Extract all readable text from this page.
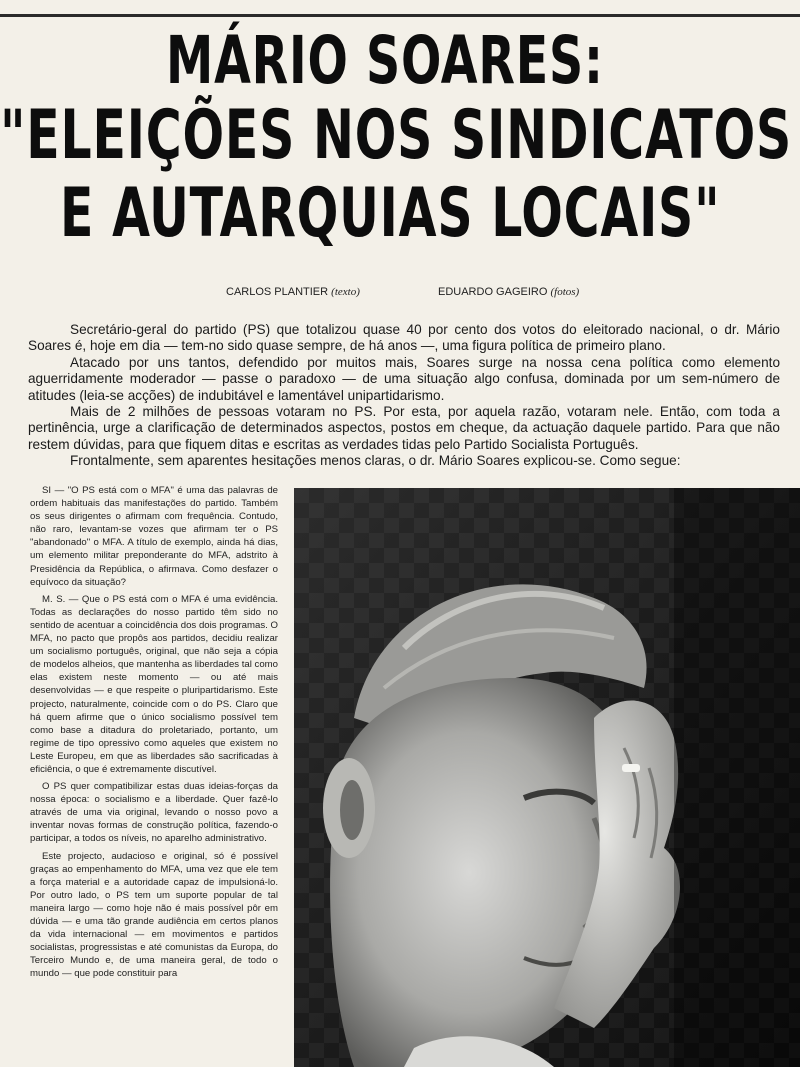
MÁRIO SOARES:
"ELEIÇÕES NOS SINDICATOS
E AUTARQUIAS LOCAIS"
CARLOS PLANTIER (texto)	EDUARDO GAGEIRO (fotos)

Secretário-geral do partido (PS) que totalizou quase 40 por cento dos votos do eleitorado nacional, o dr. Mário Soares é, hoje em dia — tem-no sido quase sempre, de há anos —, uma figura política de primeiro plano.

Atacado por uns tantos, defendido por muitos mais, Soares surge na nossa cena política como elemento aguerridamente moderador — passe o paradoxo — de uma situação algo confusa, dominada por um sem-número de atitudes (leia-se acções) de indubitável e lamentável unipartidarismo.

Mais de 2 milhões de pessoas votaram no PS. Por esta, por aquela razão, votaram nele. Então, com toda a pertinência, urge a clarificação de determinados aspectos, postos em cheque, da actuação daquele partido. Para que não restem dúvidas, para que fiquem ditas e escritas as verdades tidas pelo Partido Socialista Português.

Frontalmente, sem aparentes hesitações menos claras, o dr. Mário Soares explicou-se. Como segue:

SI — "O PS está com o MFA" é uma das palavras de ordem habituais das manifestações do partido. Também os seus dirigentes o afirmam com frequência. Contudo, não raro, levantam-se vozes que afirmam ter o PS "abandonado" o MFA. A título de exemplo, ainda há dias, um elemento militar preponderante do MFA, adstrito à Presidência da República, o afirmava. Como desfazer o equívoco da situação?

M. S. — Que o PS está com o MFA é uma evidência. Todas as declarações do nosso partido têm sido no sentido de acentuar a coincidência dos dois programas. O MFA, no pacto que propôs aos partidos, decidiu realizar um socialismo português, original, que não seja a cópia de modelos alheios, que mantenha as liberdades tal como elas existem neste momento — ou até mais desenvolvidas — e que respeite o pluripartidarismo. Este projecto, naturalmente, coincide com o do PS. Claro que há quem afirme que o único socialismo possível tem como base a ditadura do proletariado, portanto, um regime de tipo opressivo como aqueles que existem no Leste Europeu, em que as liberdades são sacrificadas à eficiência, o que é extremamente discutível.

O PS quer compatibilizar estas duas ideias-forças da nossa época: o socialismo e a liberdade. Quer fazê-lo através de uma via original, levando o nosso povo a inventar novas formas de construção política, fazendo-o participar, a todos os níveis, no aparelho administrativo.

Este projecto, audacioso e original, só é possível graças ao empenhamento do MFA, uma vez que ele tem a força material e a autoridade capaz de impulsioná-lo. Por outro lado, o PS tem um suporte popular de tal maneira largo — como hoje não é mais possível pôr em dúvida — e uma tão grande audiência em certos planos da vida internacional — em movimentos e partidos socialistas, progressistas e até comunistas da Europa, do Terceiro Mundo e, de uma maneira geral, de todo o mundo — que pode constituir para
